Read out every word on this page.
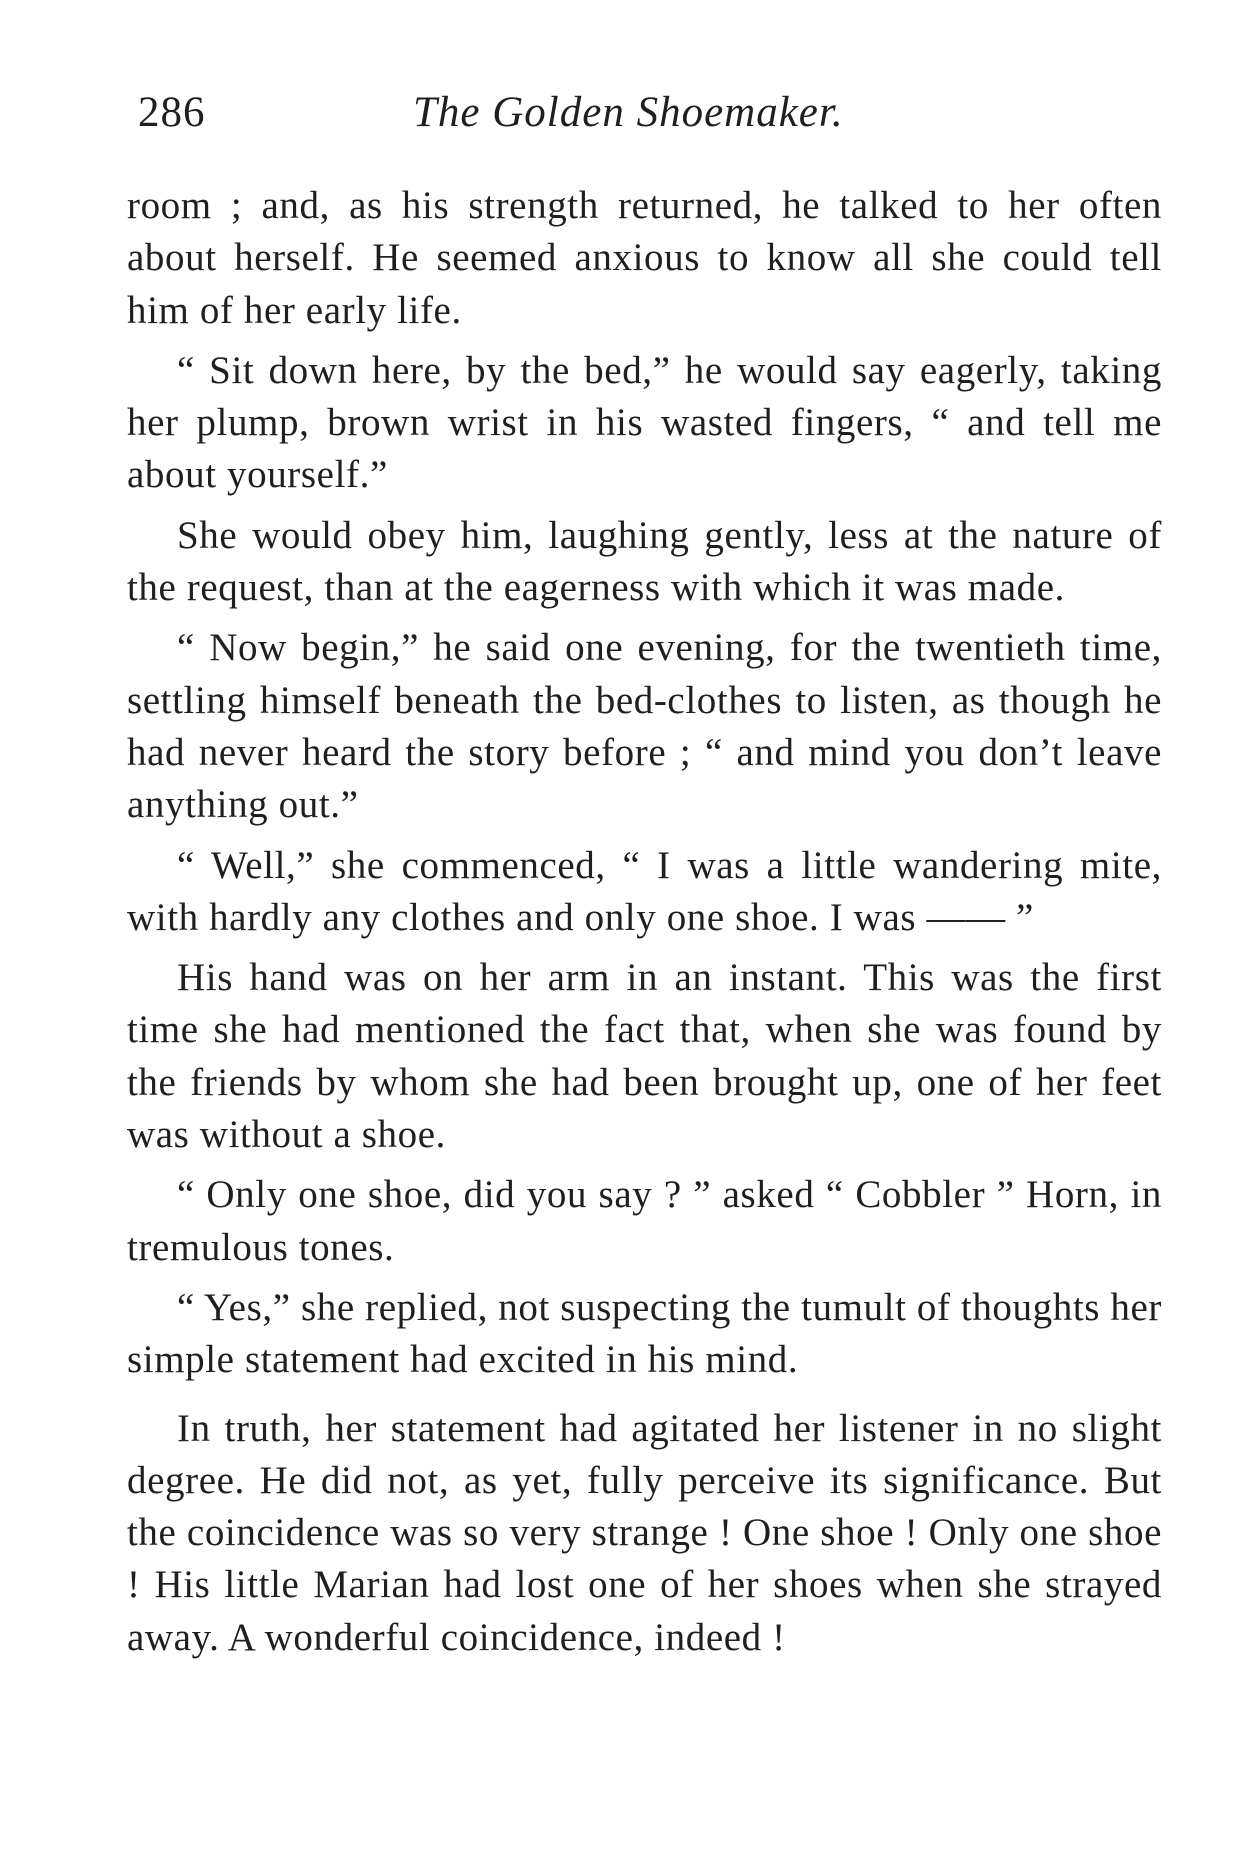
286	The Golden Shoemaker.

room ; and, as his strength returned, he talked to her often about herself. He seemed anxious to know all she could tell him of her early life.

“ Sit down here, by the bed,” he would say eagerly, taking her plump, brown wrist in his wasted fingers, “ and tell me about yourself.”

She would obey him, laughing gently, less at the nature of the request, than at the eagerness with which it was made.

“ Now begin,” he said one evening, for the twentieth time, settling himself beneath the bed-clothes to listen, as though he had never heard the story before ; “ and mind you don’t leave anything out.”

“ Well,” she commenced, “ I was a little wandering mite, with hardly any clothes and only one shoe. I was —— ”

His hand was on her arm in an instant. This was the first time she had mentioned the fact that, when she was found by the friends by whom she had been brought up, one of her feet was without a shoe.

“ Only one shoe, did you say ? ” asked “ Cobbler ” Horn, in tremulous tones.

“ Yes,” she replied, not suspecting the tumult of thoughts her simple statement had excited in his mind.

In truth, her statement had agitated her listener in no slight degree. He did not, as yet, fully perceive its significance. But the coincidence was so very strange ! One shoe ! Only one shoe ! His little Marian had lost one of her shoes when she strayed away. A wonderful coincidence, indeed !
